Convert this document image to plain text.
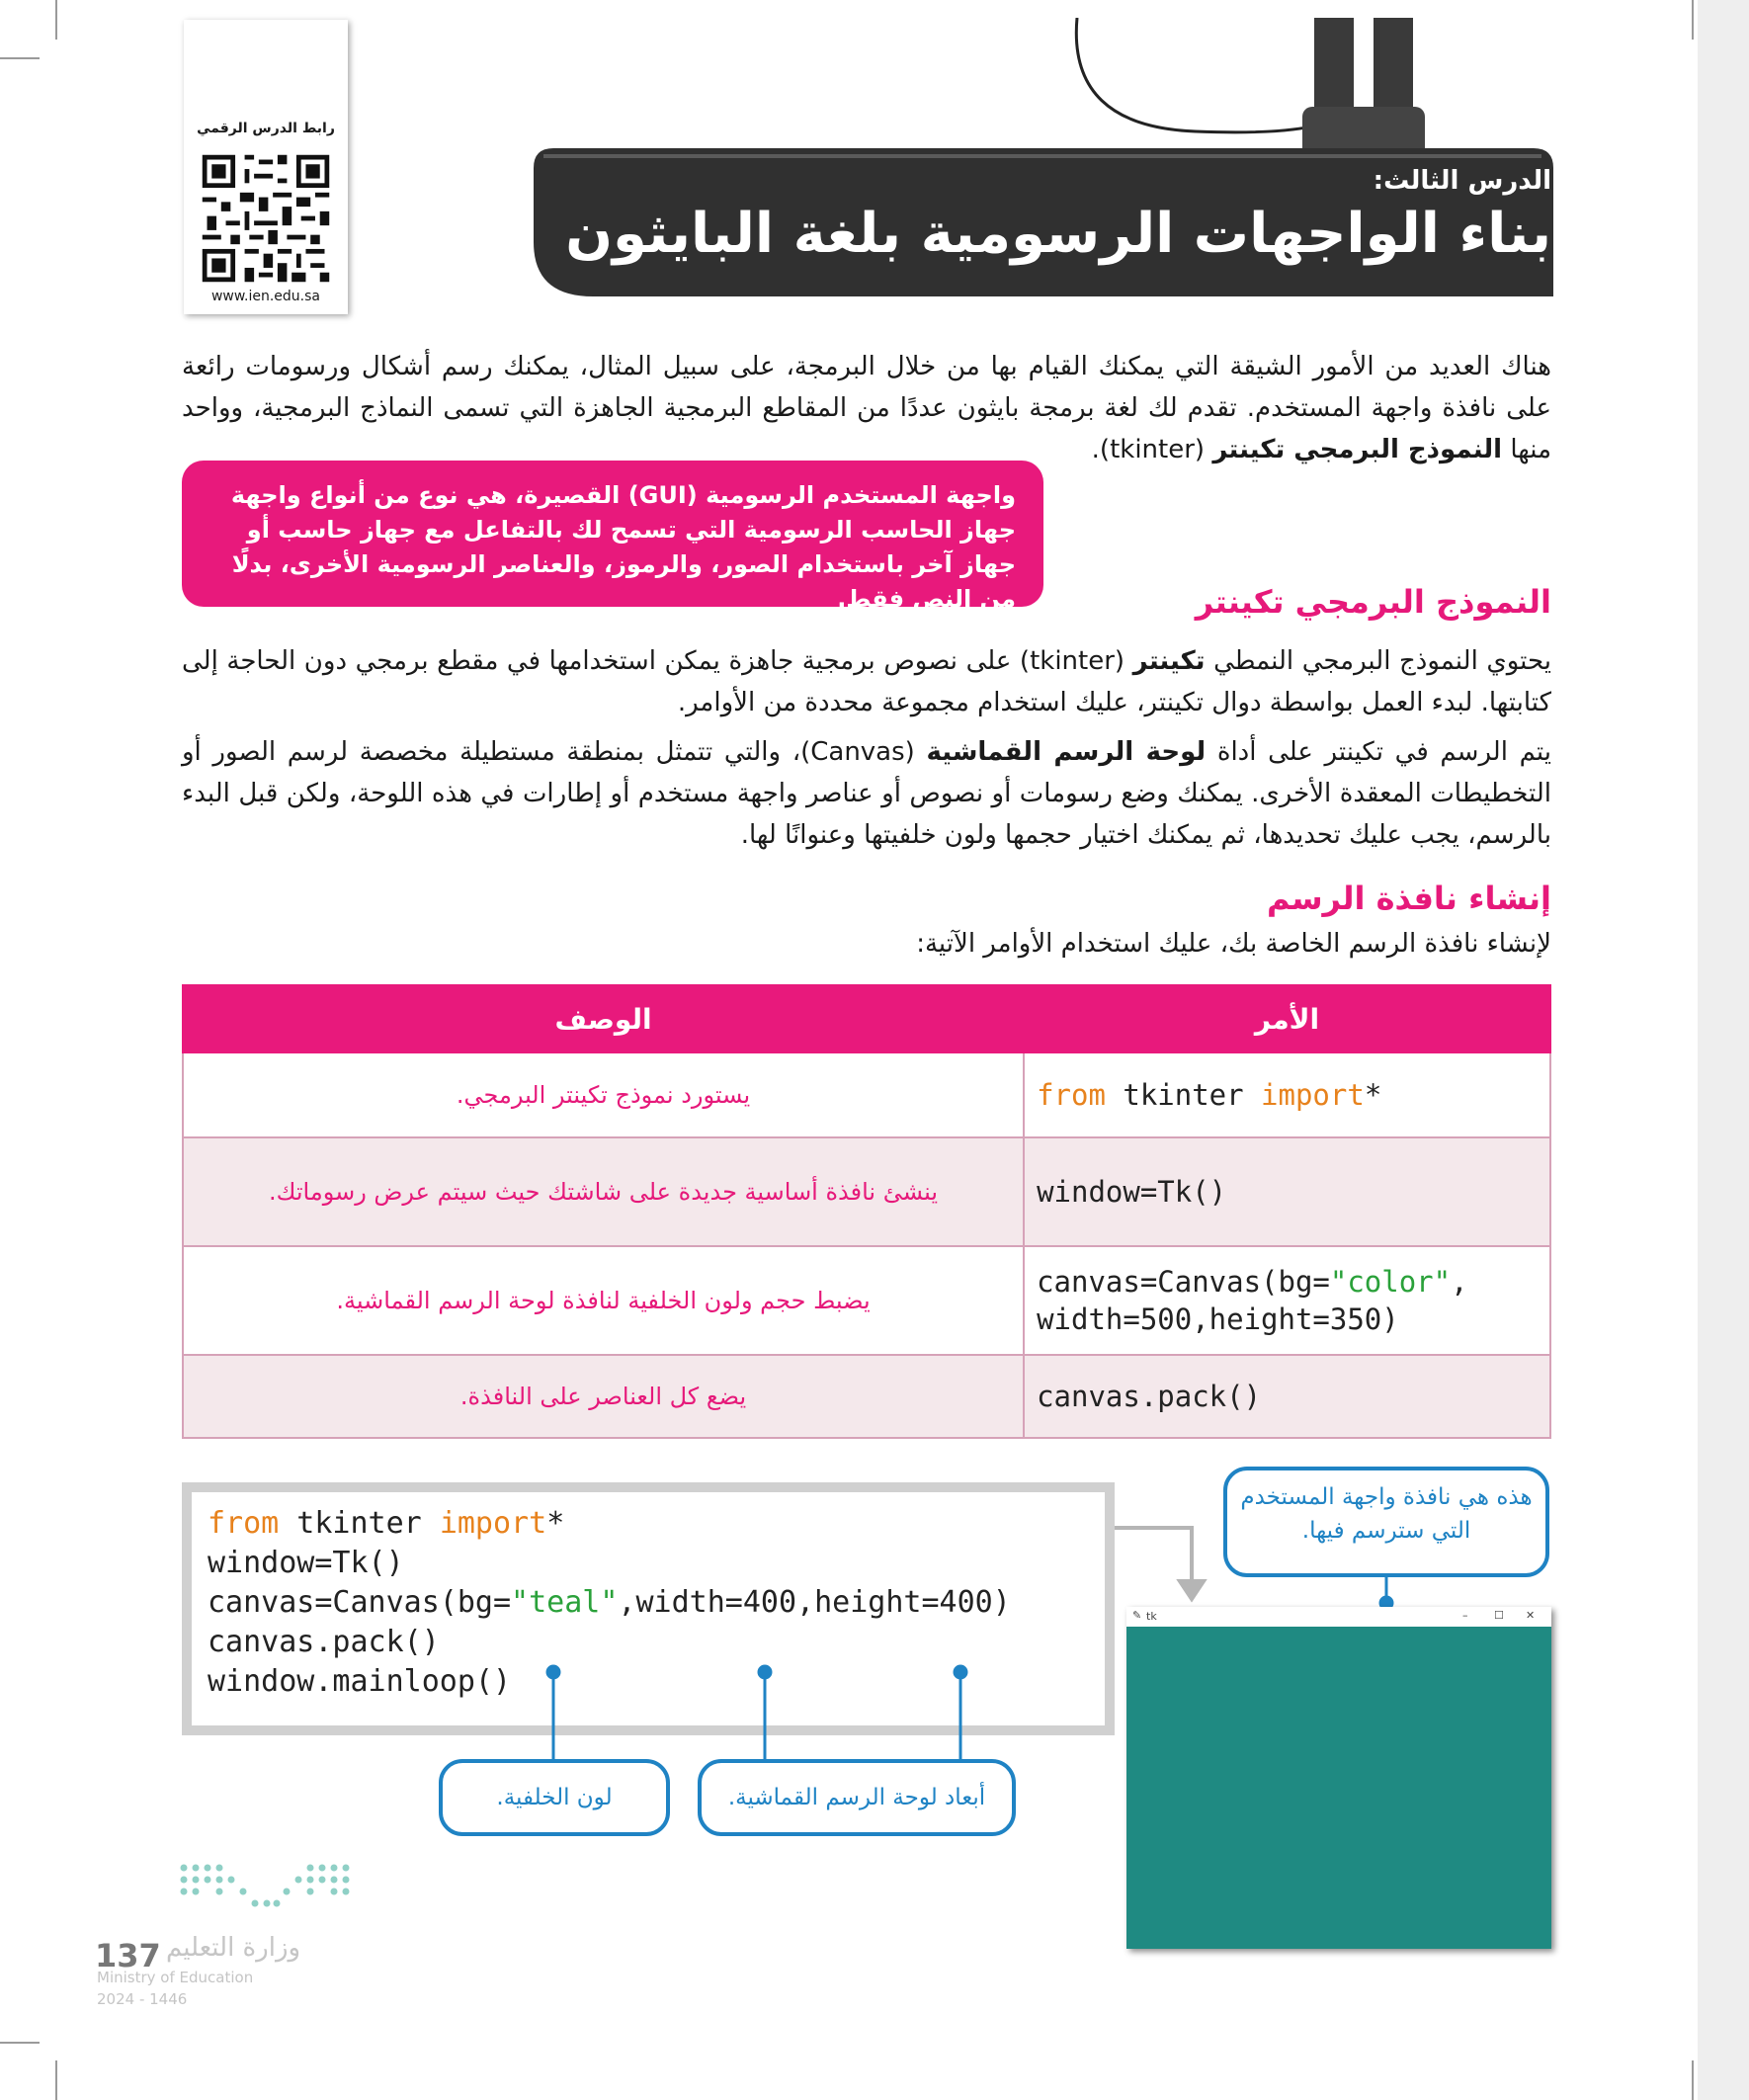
رابط الدرس الرقمي
www.ien.edu.sa
الدرس الثالث:
بناء الواجهات الرسومية بلغة البايثون
هناك العديد من الأمور الشيقة التي يمكنك القيام بها من خلال البرمجة، على سبيل المثال، يمكنك رسم أشكال ورسومات رائعة على نافذة واجهة المستخدم. تقدم لك لغة برمجة بايثون عددًا من المقاطع البرمجية الجاهزة التي تسمى النماذج البرمجية، وواحد منها النموذج البرمجي تكينتر (tkinter).
واجهة المستخدم الرسومية (GUI) القصيرة، هي نوع من أنواع واجهة جهاز الحاسب الرسومية التي تسمح لك بالتفاعل مع جهاز حاسب أو جهاز آخر باستخدام الصور، والرموز، والعناصر الرسومية الأخرى، بدلًا من النص فقط.	النموذج البرمجي تكينتر
يحتوي النموذج البرمجي النمطي تكينتر (tkinter) على نصوص برمجية جاهزة يمكن استخدامها في مقطع برمجي دون الحاجة إلى كتابتها. لبدء العمل بواسطة دوال تكينتر، عليك استخدام مجموعة محددة من الأوامر.
يتم الرسم في تكينتر على أداة لوحة الرسم القماشية (Canvas)، والتي تتمثل بمنطقة مستطيلة مخصصة لرسم الصور أو التخطيطات المعقدة الأخرى. يمكنك وضع رسومات أو نصوص أو عناصر واجهة مستخدم أو إطارات في هذه اللوحة، ولكن قبل البدء بالرسم، يجب عليك تحديدها، ثم يمكنك اختيار حجمها ولون خلفيتها وعنوانًا لها.
إنشاء نافذة الرسم
لإنشاء نافذة الرسم الخاصة بك، عليك استخدام الأوامر الآتية:
الأمر	الوصف
from tkinter import*	يستورد نموذج تكينتر البرمجي.
window=Tk()	ينشئ نافذة أساسية جديدة على شاشتك حيث سيتم عرض رسوماتك.
canvas=Canvas(bg="color",
width=500,height=350)	يضبط حجم ولون الخلفية لنافذة لوحة الرسم القماشية.
canvas.pack()	يضع كل العناصر على النافذة.
from tkinter import*
window=Tk()
canvas=Canvas(bg="teal",width=400,height=400)
canvas.pack()
window.mainloop()
هذه هي نافذة واجهة المستخدم التي سترسم فيها.
أبعاد لوحة الرسم القماشية.
لون الخلفية.
✎ tk	– ☐ ✕
وزارة التعليم
137
Ministry of Education
2024 - 1446
